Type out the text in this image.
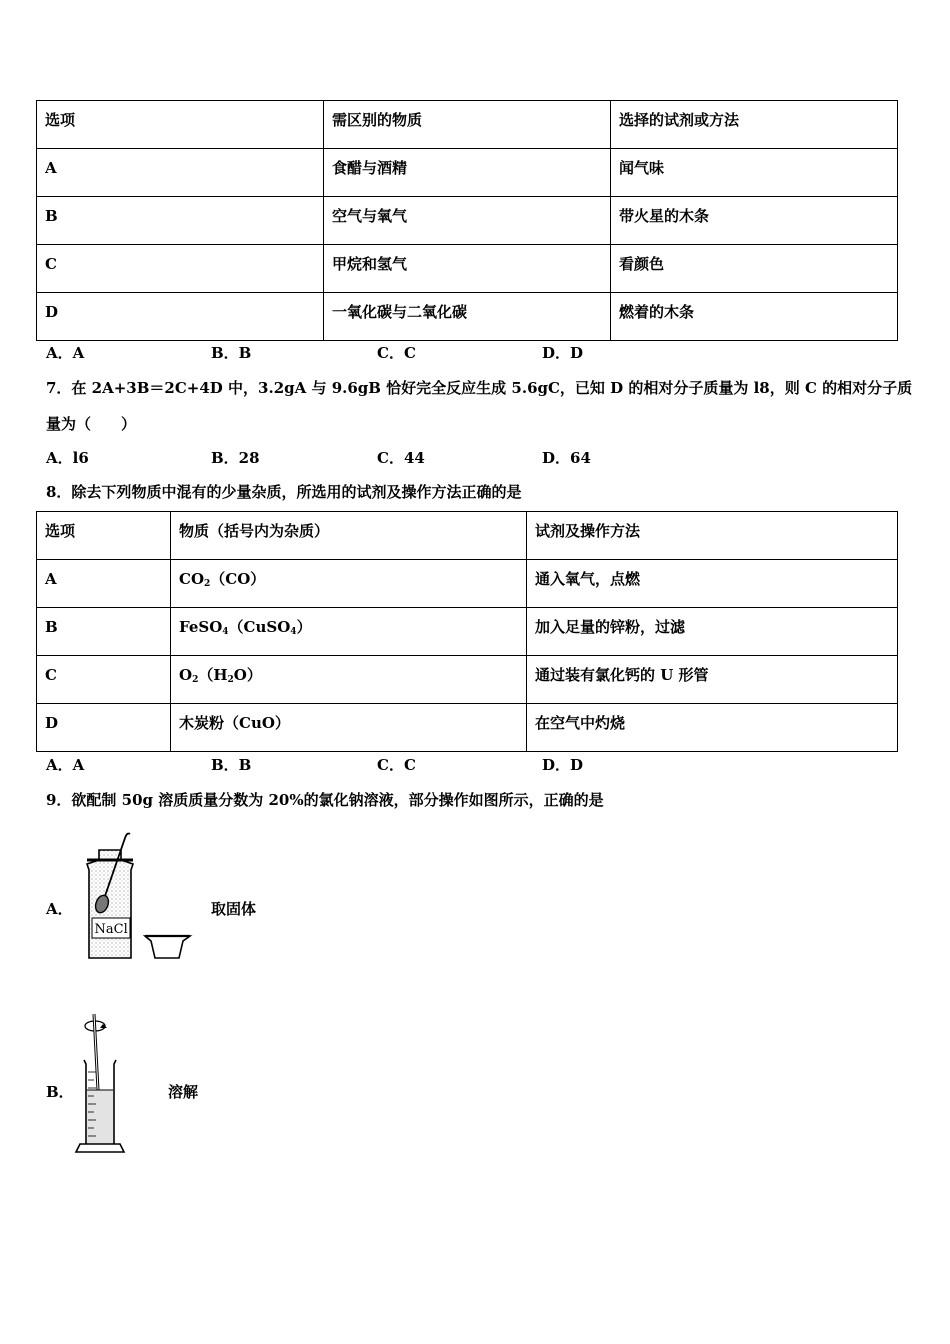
选项	需区别的物质	选择的试剂或方法
A	食醋与酒精	闻气味
B	空气与氧气	带火星的木条
C	甲烷和氢气	看颜色
D	一氧化碳与二氧化碳	燃着的木条
A．A	B．B	C．C	D．D
7．在 2A+3B＝2C+4D 中，3.2gA 与 9.6gB 恰好完全反应生成 5.6gC，已知 D 的相对分子质量为 l8，则 C 的相对分子质
量为（　　）
A．l6	B．28	C．44	D．64
8．除去下列物质中混有的少量杂质，所选用的试剂及操作方法正确的是
选项	物质（括号内为杂质）	试剂及操作方法
A	$CO_2(CO)$	通入氧气，点燃
B	FeSO$_4$（CuSO$_4$）	加入足量的锌粉，过滤
C	$O_2(H_2O)$	通过装有氯化钙的 U 形管
D	木炭粉（CuO）	在空气中灼烧
A．A	B．B	C．C	D．D
9．欲配制 50g 溶质质量分数为 20%的氯化钠溶液，部分操作如图所示，正确的是
A．
NaCl
取固体
B．	溶解
